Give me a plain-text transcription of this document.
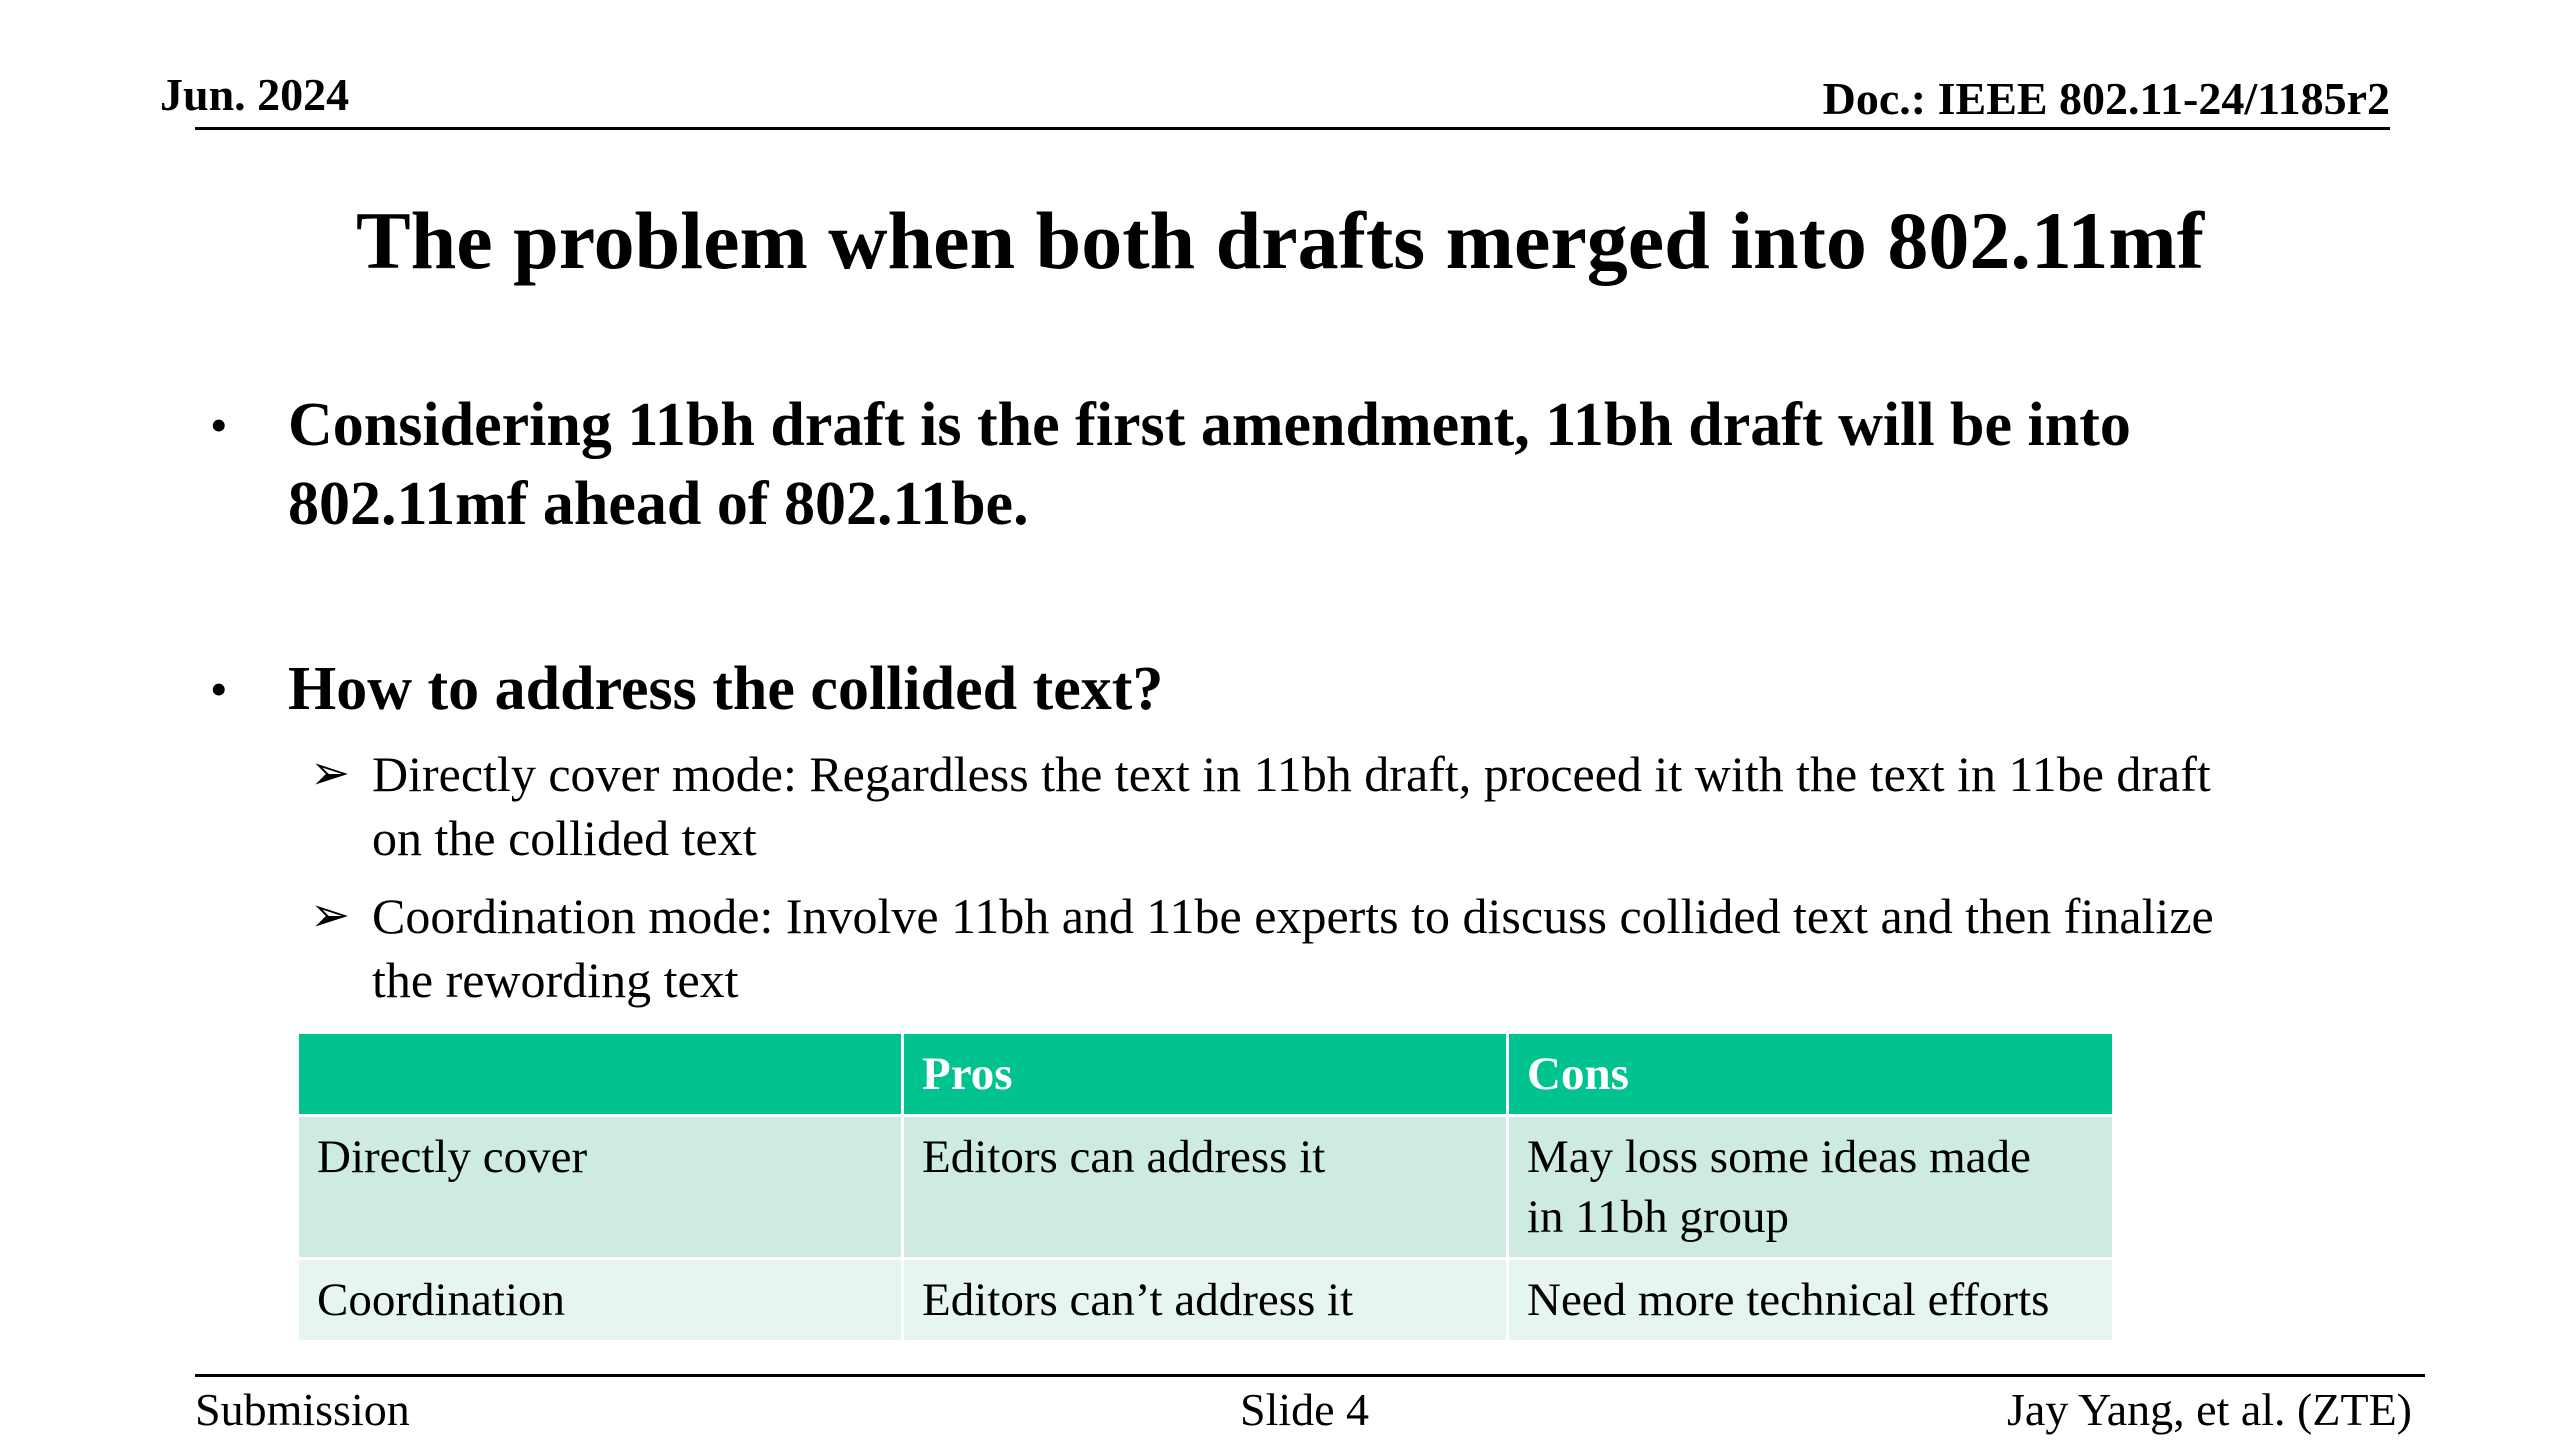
Jun. 2024	Doc.: IEEE 802.11-24/1185r2
The problem when both drafts merged into 802.11mf
• Considering 11bh draft is the first amendment, 11bh draft will be into
802.11mf ahead of 802.11be.
• How to address the collided text?
➢ Directly cover mode: Regardless the text in 11bh draft, proceed it with the text in 11be draft
on the collided text
➢ Coordination mode: Involve 11bh and 11be experts to discuss collided text and then finalize
the rewording text
	Pros	Cons
Directly cover	Editors can address it	May loss some ideas made
in 11bh group

Coordination	Editors can’t address it	Need more technical efforts
Submission	Slide 4	Jay Yang, et al. (ZTE)
